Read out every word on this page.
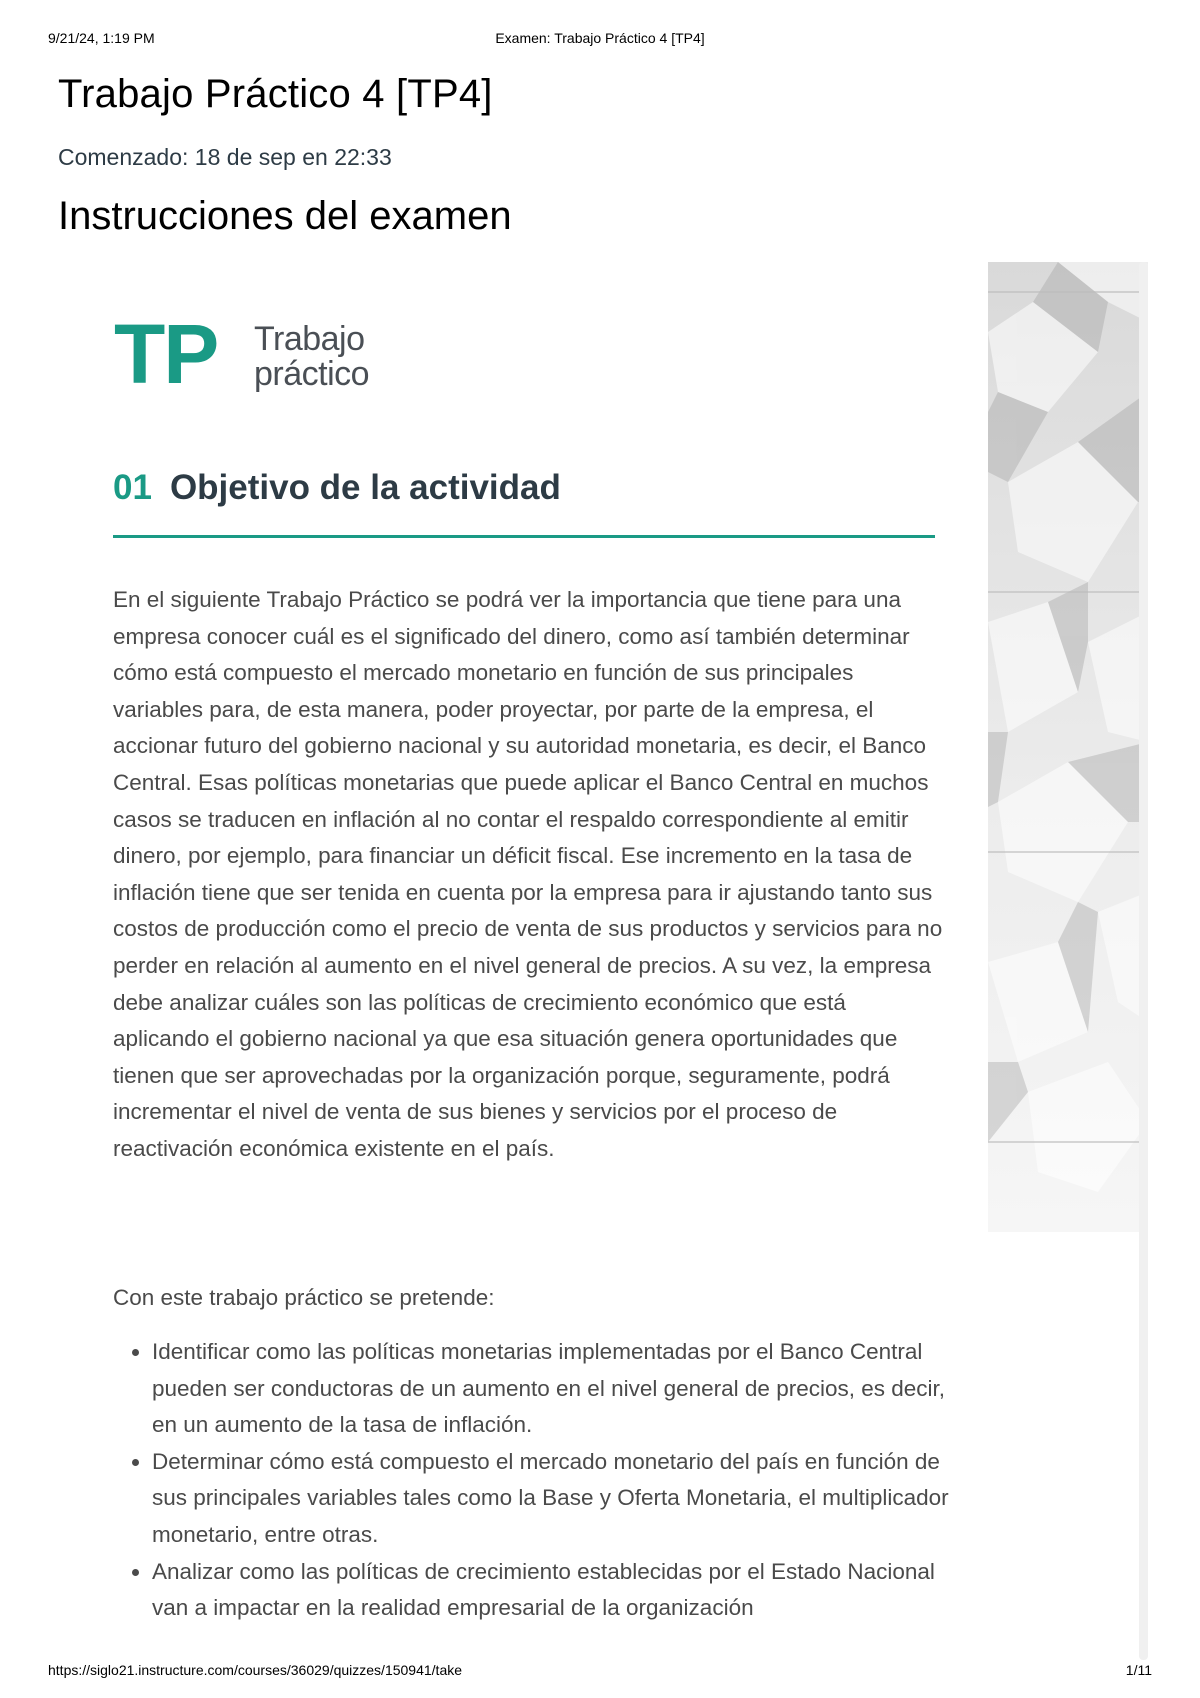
9/21/24, 1:19 PM	Examen: Trabajo Práctico 4 [TP4]
Trabajo Práctico 4 [TP4]
Comenzado: 18 de sep en 22:33
Instrucciones del examen
TP Trabajo
práctico
01 Objetivo de la actividad

En el siguiente Trabajo Práctico se podrá ver la importancia que tiene para una empresa conocer cuál es el significado del dinero, como así también determinar cómo está compuesto el mercado monetario en función de sus principales variables para, de esta manera, poder proyectar, por parte de la empresa, el accionar futuro del gobierno nacional y su autoridad monetaria, es decir, el Banco Central. Esas políticas monetarias que puede aplicar el Banco Central en muchos casos se traducen en inflación al no contar el respaldo correspondiente al emitir dinero, por ejemplo, para financiar un déficit fiscal. Ese incremento en la tasa de inflación tiene que ser tenida en cuenta por la empresa para ir ajustando tanto sus costos de producción como el precio de venta de sus productos y servicios para no perder en relación al aumento en el nivel general de precios. A su vez, la empresa debe analizar cuáles son las políticas de crecimiento económico que está aplicando el gobierno nacional ya que esa situación genera oportunidades que tienen que ser aprovechadas por la organización porque, seguramente, podrá incrementar el nivel de venta de sus bienes y servicios por el proceso de reactivación económica existente en el país.

Con este trabajo práctico se pretende:

• Identificar como las políticas monetarias implementadas por el Banco Central pueden ser conductoras de un aumento en el nivel general de precios, es decir, en un aumento de la tasa de inflación.
• Determinar cómo está compuesto el mercado monetario del país en función de sus principales variables tales como la Base y Oferta Monetaria, el multiplicador monetario, entre otras.
• Analizar como las políticas de crecimiento establecidas por el Estado Nacional van a impactar en la realidad empresarial de la organización
https://siglo21.instructure.com/courses/36029/quizzes/150941/take	1/11
